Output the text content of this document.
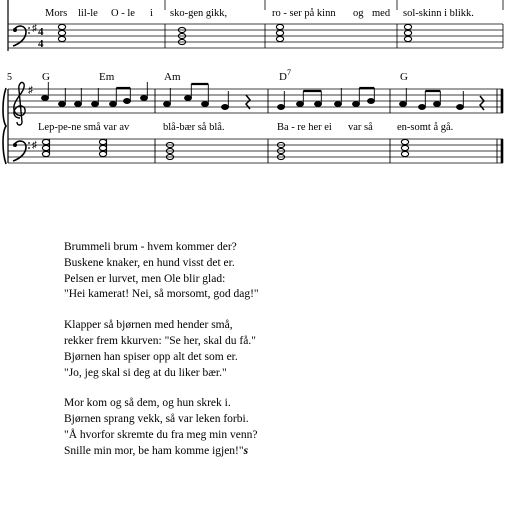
Mors lil-le O - le i sko-gen gikk,	ro - ser på kinn og med sol-skinn i blikk.
♯ 4
4
5	G	Em	Am	$D^7$	G
♯
♯
Lep-pe-ne små var av	blå-bær så blå.	Ba - re her ei var så en-somt å gå.
Brummeli brum - hvem kommer der?
Buskene knaker, en hund visst det er.
Pelsen er lurvet, men Ole blir glad:
"Hei kamerat! Nei, så morsomt, god dag!"
Klapper så bjørnen med hender små,
rekker frem kkurven: "Se her, skal du få."
Bjørnen han spiser opp alt det som er.
"Jo, jeg skal si deg at du liker bær."
Mor kom og så dem, og hun skrek i.
Bjørnen sprang vekk, så var leken forbi.
"Å hvorfor skremte du fra meg min venn?
Snille min mor, be ham komme igjen!"s
